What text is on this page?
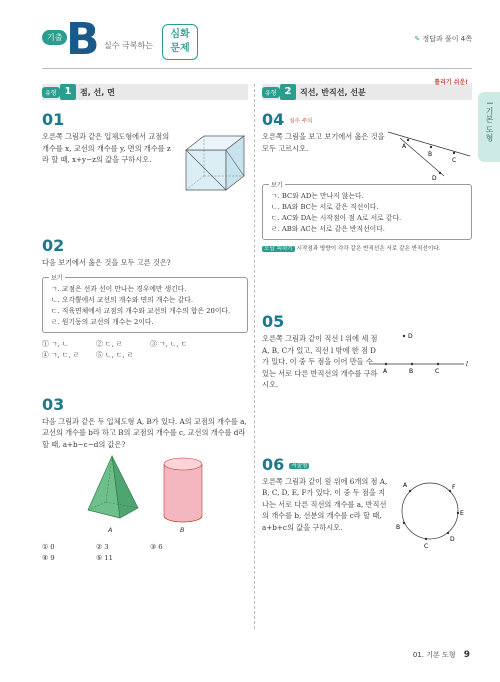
기출 B 실수 극복하는
심화
문제
✎ 정답과 풀이 4쪽
I 기본 도형
유형 1	점, 선, 면
01
오른쪽 그림과 같은 입체도형에서 교점의 개수를 x, 교선의 개수를 y, 면의 개수를 z라 할 때, x+y−z의 값을 구하시오.
02
다음 보기에서 옳은 것을 모두 고른 것은?
보기
ㄱ. 교점은 선과 선이 만나는 경우에만 생긴다.
ㄴ. 오각뿔에서 교선의 개수와 면의 개수는 같다.
ㄷ. 직육면체에서 교점의 개수와 교선의 개수의 합은 20이다.
ㄹ. 원기둥의 교선의 개수는 2이다.
① ㄱ, ㄴ	② ㄷ, ㄹ	③ ㄱ, ㄴ, ㄷ
④ ㄱ, ㄷ, ㄹ	⑤ ㄴ, ㄷ, ㄹ
03
다음 그림과 같은 두 입체도형 A, B가 있다. A의 교점의 개수를 a, 교선의 개수를 b라 하고 B의 교점의 개수를 c, 교선의 개수를 d라 할 때, a+b−c−d의 값은?
A	B
① 0	② 3	③ 6
④ 9	⑤ 11
유형 2	직선, 반직선, 선분
틀리기 쉬운!
04 실수 주의
오른쪽 그림을 보고 보기에서 옳은 것을 모두 고르시오.	A
B
C
D
보기
ㄱ. BC와 AD는 만나지 않는다.
ㄴ. BA와 BC는 서로 같은 직선이다.
ㄷ. AC와 DA는 시작점이 점 A로 서로 같다.
ㄹ. AB와 AC는 서로 같은 반직선이다.
오답 피하기 시작점과 방향이 각각 같은 반직선은 서로 같은 반직선이다.
05
오른쪽 그림과 같이 직선 l 위에 세 점 A, B, C가 있고, 직선 l 밖에 한 점 D가 있다. 이 중 두 점을 이어 만들 수 있는 서로 다른 반직선의 개수를 구하시오.
A	B	C
D
l
06 서술형
오른쪽 그림과 같이 원 위에 6개의 점 A, B, C, D, E, F가 있다. 이 중 두 점을 지나는 서로 다른 직선의 개수를 a, 반직선의 개수를 b, 선분의 개수를 c라 할 때, a+b+c의 값을 구하시오.
A
B
C
D
E
F
01. 기본 도형 9
